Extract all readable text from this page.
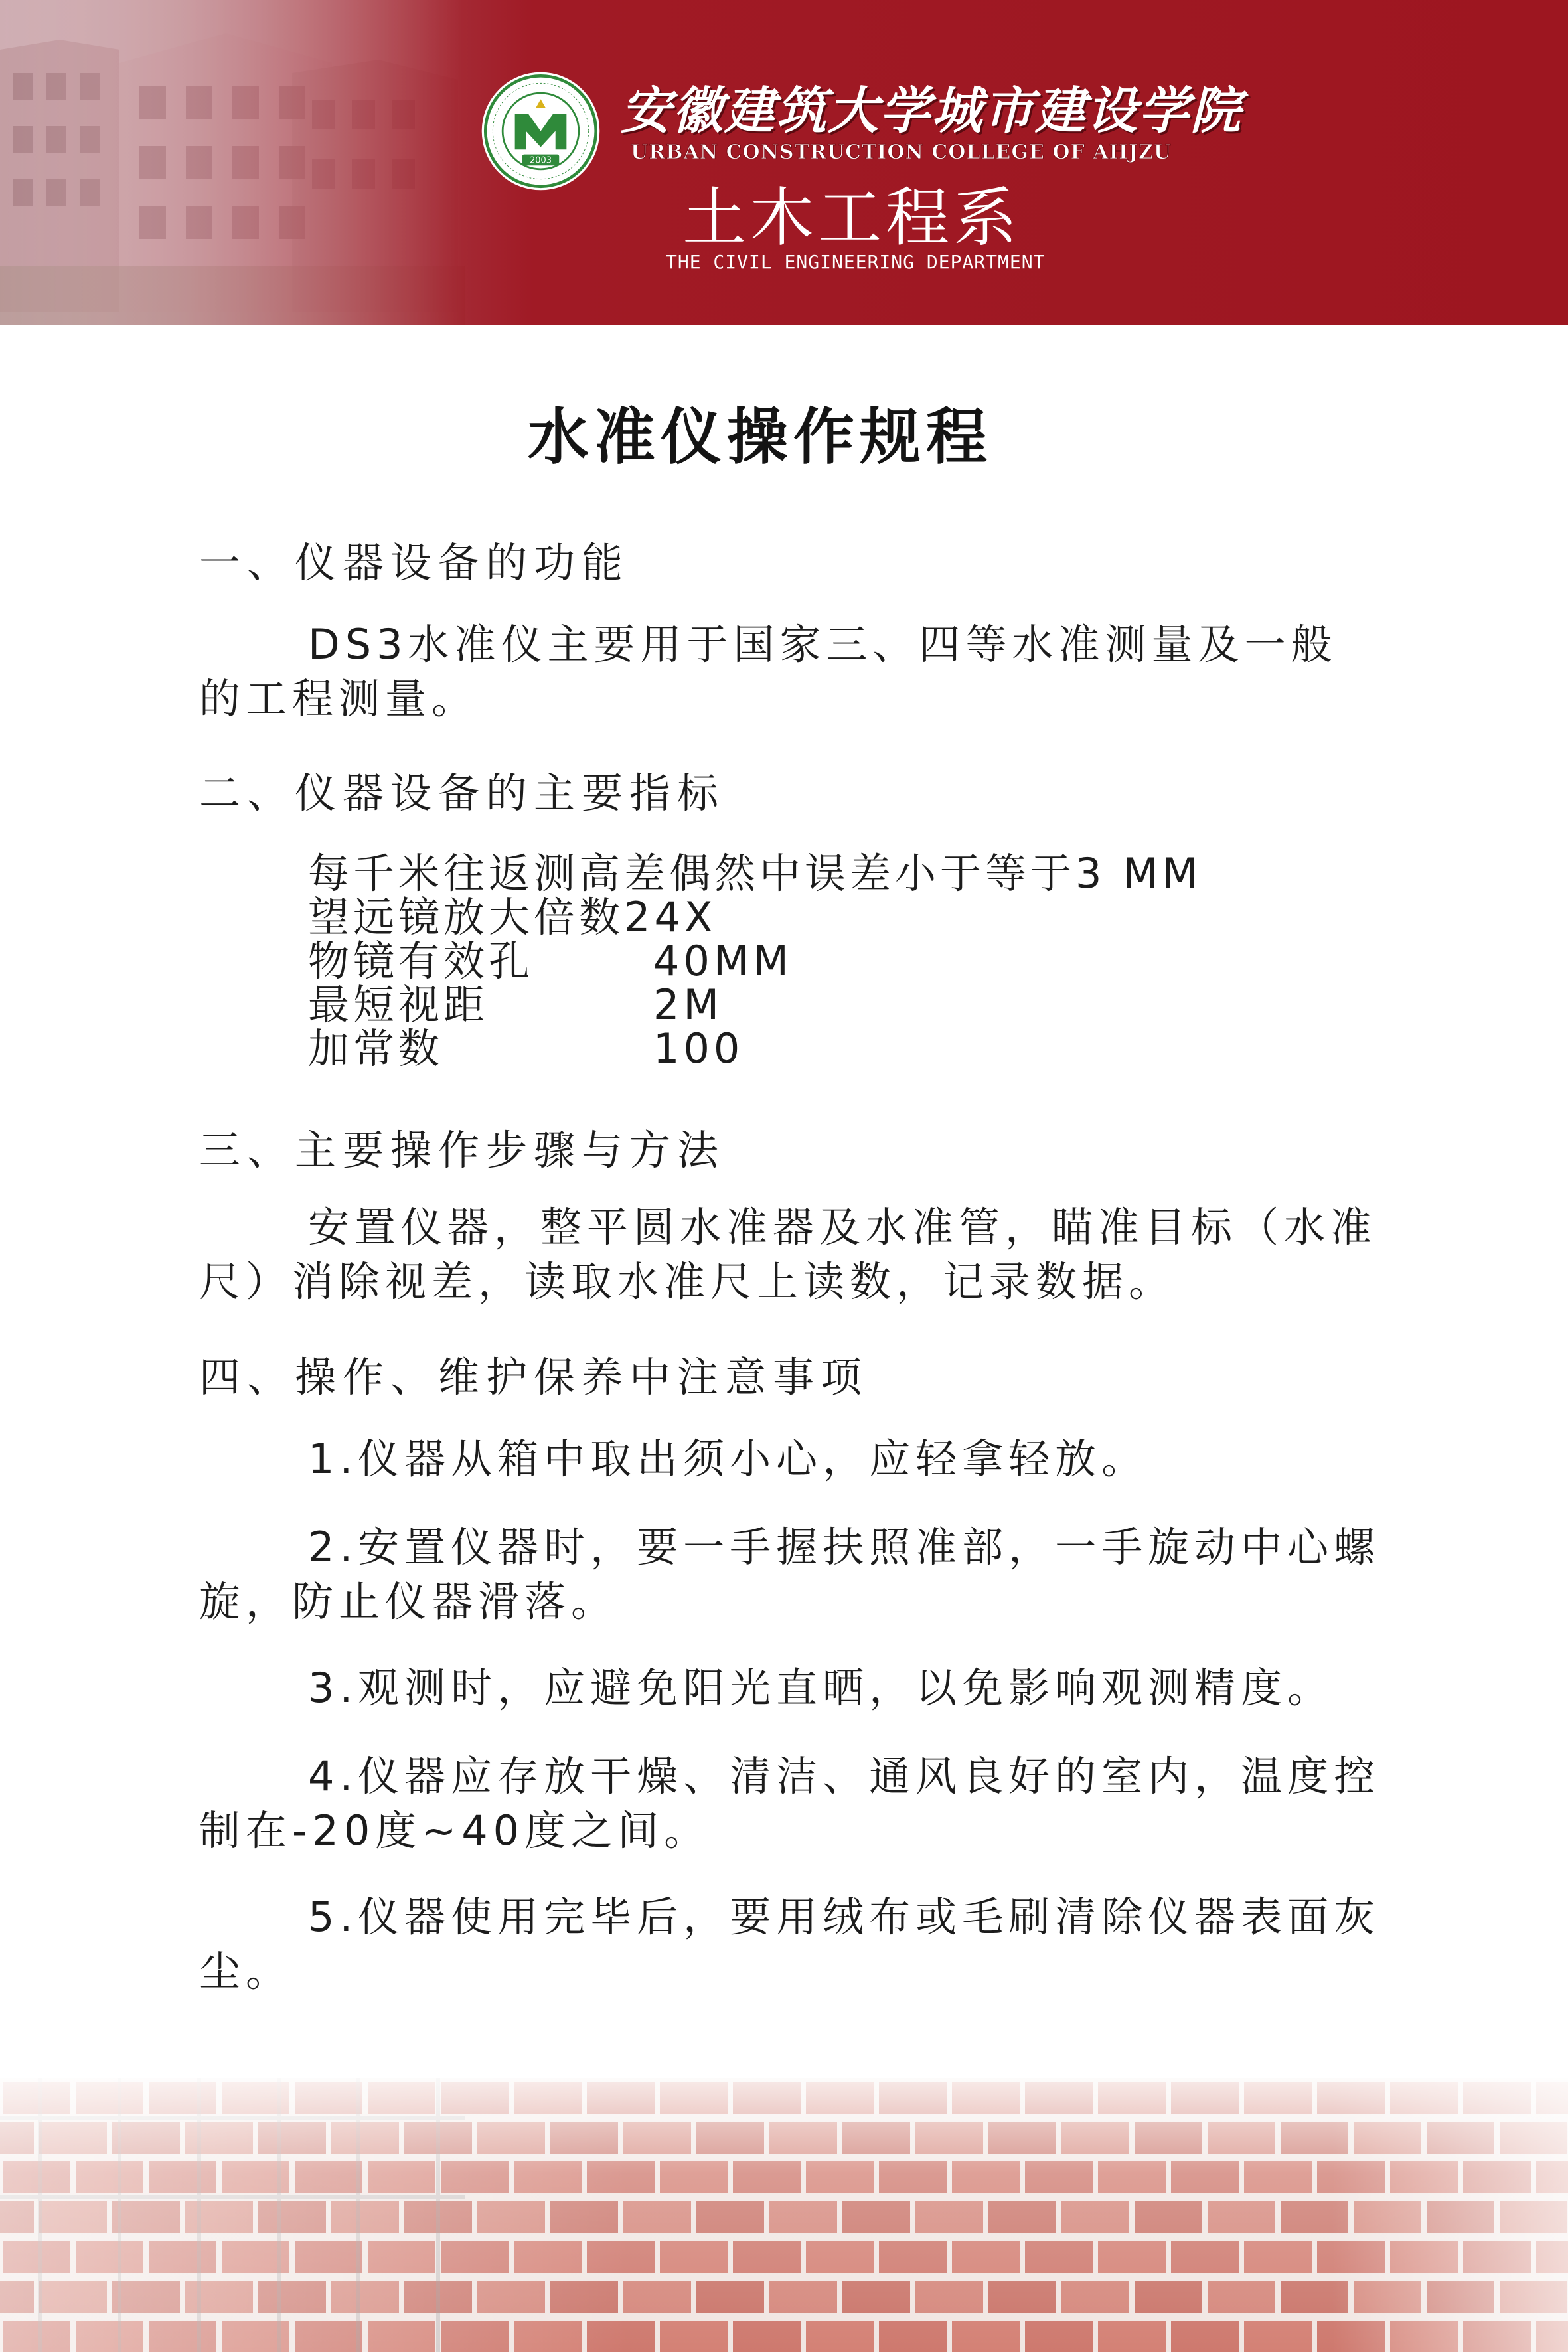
2003
安徽建筑大学城市建设学院
URBAN CONSTRUCTION COLLEGE OF AHJZU
土木工程系
THE CIVIL ENGINEERING DEPARTMENT
水准仪操作规程
一、仪器设备的功能
DS3水准仪主要用于国家三、四等水准测量及一般的工程测量。
二、仪器设备的主要指标
每千米往返测高差偶然中误差小于等于3 MM
望远镜放大倍数24X
物镜有效孔	40MM
最短视距	2M
加常数	100
三、主要操作步骤与方法
安置仪器，整平圆水准器及水准管，瞄准目标（水准尺）消除视差，读取水准尺上读数，记录数据。
四、操作、维护保养中注意事项
1.仪器从箱中取出须小心，应轻拿轻放。
2.安置仪器时，要一手握扶照准部，一手旋动中心螺旋，防止仪器滑落。
3.观测时，应避免阳光直晒，以免影响观测精度。
4.仪器应存放干燥、清洁、通风良好的室内，温度控制在-20度~40度之间。
5.仪器使用完毕后，要用绒布或毛刷清除仪器表面灰尘。
